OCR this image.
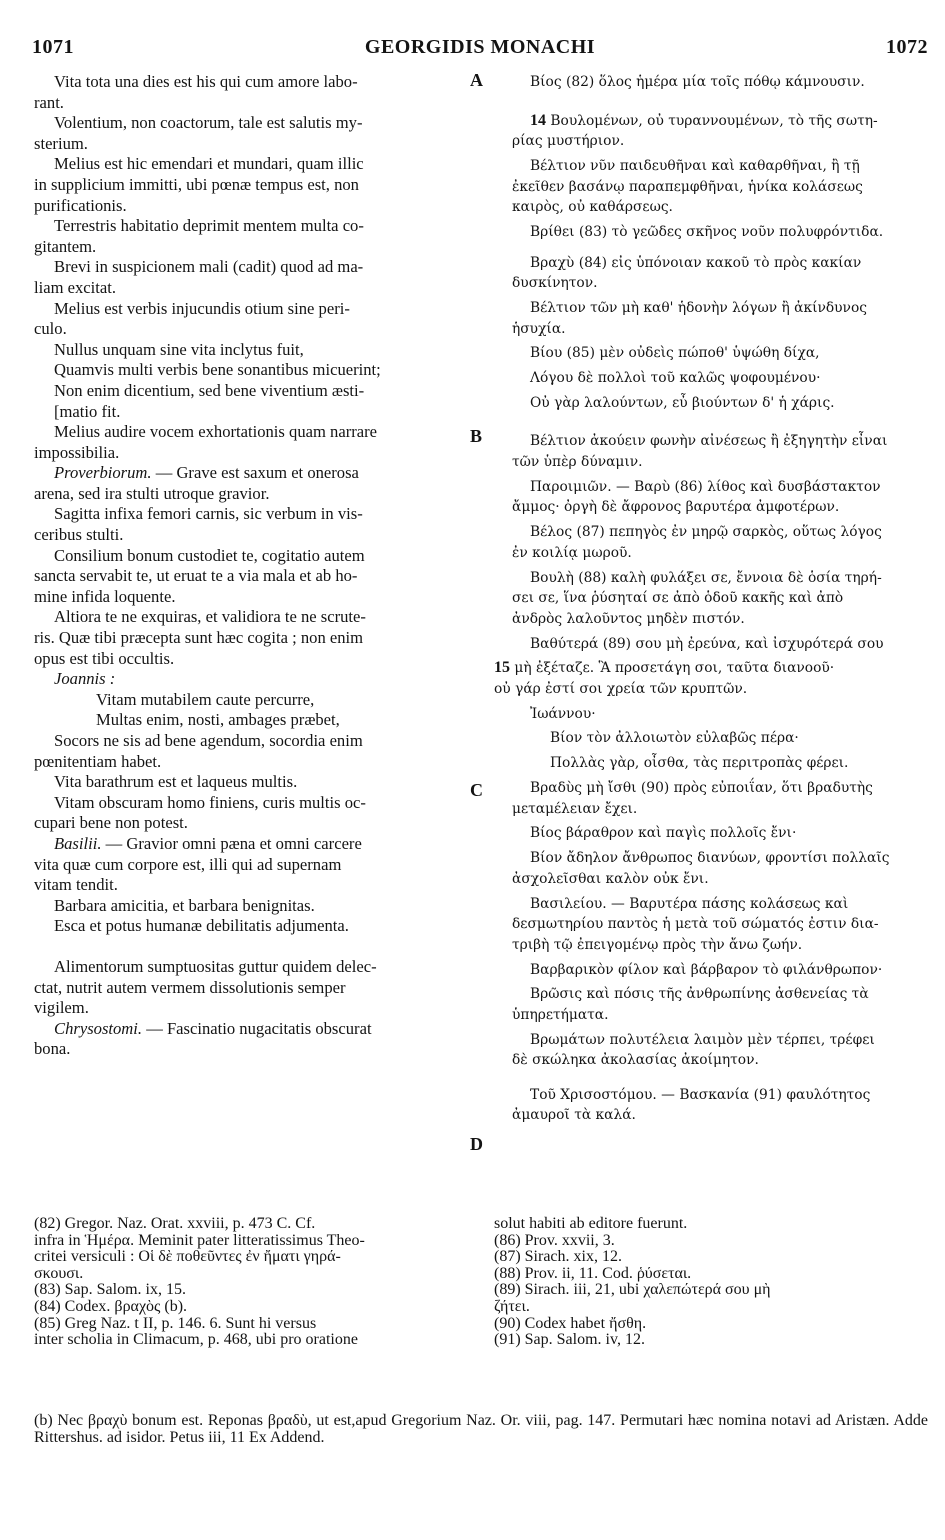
1071	GEORGIDIS MONACHI	1072
A
B
C
D
Vita tota una dies est his qui cum amore labo-
rant.
Volentium, non coactorum, tale est salutis my-
sterium.
Melius est hic emendari et mundari, quam illic
in supplicium immitti, ubi pœnæ tempus est, non
purificationis.
Terrestris habitatio deprimit mentem multa co-
gitantem.
Brevi in suspicionem mali (cadit) quod ad ma-
liam excitat.
Melius est verbis injucundis otium sine peri-
culo.
Nullus unquam sine vita inclytus fuit,
Quamvis multi verbis bene sonantibus micuerint;
Non enim dicentium, sed bene viventium æsti-
[matio fit.
Melius audire vocem exhortationis quam narrare
impossibilia.
Proverbiorum. — Grave est saxum et onerosa
arena, sed ira stulti utroque gravior.
Sagitta infixa femori carnis, sic verbum in vis-
ceribus stulti.
Consilium bonum custodiet te, cogitatio autem
sancta servabit te, ut eruat te a via mala et ab ho-
mine infida loquente.
Altiora te ne exquiras, et validiora te ne scrute-
ris. Quæ tibi præcepta sunt hæc cogita ; non enim
opus est tibi occultis.
Joannis :
Vitam mutabilem caute percurre,
Multas enim, nosti, ambages præbet,
Socors ne sis ad bene agendum, socordia enim
pœnitentiam habet.
Vita barathrum est et laqueus multis.
Vitam obscuram homo finiens, curis multis oc-
cupari bene non potest.
Basilii. — Gravior omni pæna et omni carcere
vita quæ cum corpore est, illi qui ad supernam
vitam tendit.
Barbara amicitia, et barbara benignitas.
Esca et potus humanæ debilitatis adjumenta.
Alimentorum sumptuositas guttur quidem delec-
ctat, nutrit autem vermem dissolutionis semper
vigilem.
Chrysostomi. — Fascinatio nugacitatis obscurat
bona.
Βίος (82) ὅλος ἡμέρα μία τοῖς πόθῳ κάμνουσιν.
14 Βουλομένων, οὐ τυραννουμένων, τὸ τῆς σωτη-
ρίας μυστήριον.
Βέλτιον νῦν παιδευθῆναι καὶ καθαρθῆναι, ἢ τῇ
ἐκεῖθεν βασάνῳ παραπεμφθῆναι, ἡνίκα κολάσεως
καιρὸς, οὐ καθάρσεως.
Βρίθει (83) τὸ γεῶδες σκῆνος νοῦν πολυφρόντιδα.
Βραχὺ (84) εἰς ὑπόνοιαν κακοῦ τὸ πρὸς κακίαν
δυσκίνητον.
Βέλτιον τῶν μὴ καθ' ἡδονὴν λόγων ἢ ἀκίνδυνος
ἡσυχία.
Βίου (85) μὲν οὐδεὶς πώποθ' ὑψώθη δίχα,
Λόγου δὲ πολλοὶ τοῦ καλῶς ψοφουμένου·
Οὐ γὰρ λαλούντων, εὖ βιούντων δ' ἡ χάρις.
Βέλτιον ἀκούειν φωνὴν αἰνέσεως ἢ ἐξηγητὴν εἶναι
τῶν ὑπὲρ δύναμιν.
Παροιμιῶν. — Βαρὺ (86) λίθος καὶ δυσβάστακτον
ἄμμος· ὀργὴ δὲ ἄφρονος βαρυτέρα ἀμφοτέρων.
Βέλος (87) πεπηγὸς ἐν μηρῷ σαρκὸς, οὕτως λόγος
ἐν κοιλίᾳ μωροῦ.
Βουλὴ (88) καλὴ φυλάξει σε, ἔννοια δὲ ὁσία τηρή-
σει σε, ἵνα ῥύσηταί σε ἀπὸ ὁδοῦ κακῆς καὶ ἀπὸ
ἀνδρὸς λαλοῦντος μηδὲν πιστόν.
Βαθύτερά (89) σου μὴ ἐρεύνα, καὶ ἰσχυρότερά σου
15 μὴ ἐξέταζε. Ἃ προσετάγη σοι, ταῦτα διανοοῦ·
οὐ γάρ ἐστί σοι χρεία τῶν κρυπτῶν.
Ἰωάννου·
Βίον τὸν ἀλλοιωτὸν εὐλαβῶς πέρα·
Πολλὰς γὰρ, οἶσθα, τὰς περιτροπὰς φέρει.
Βραδὺς μὴ ἴσθι (90) πρὸς εὐποιΐαν, ὅτι βραδυτὴς
μεταμέλειαν ἔχει.
Βίος βάραθρον καὶ παγὶς πολλοῖς ἔνι·
Βίον ἄδηλον ἄνθρωπος διανύων, φροντίσι πολλαῖς
ἀσχολεῖσθαι καλὸν οὐκ ἔνι.
Βασιλείου. — Βαρυτέρα πάσης κολάσεως καὶ
δεσμωτηρίου παντὸς ἡ μετὰ τοῦ σώματός ἐστιν δια-
τριβὴ τῷ ἐπειγομένῳ πρὸς τὴν ἄνω ζωήν.
Βαρβαρικὸν φίλον καὶ βάρβαρον τὸ φιλάνθρωπον·
Βρῶσις καὶ πόσις τῆς ἀνθρωπίνης ἀσθενείας τὰ
ὑπηρετήματα.
Βρωμάτων πολυτέλεια λαιμὸν μὲν τέρπει, τρέφει
δὲ σκώληκα ἀκολασίας ἀκοίμητον.
Τοῦ Χρισοστόμου. — Βασκανία (91) φαυλότητος
ἀμαυροῖ τὰ καλά.
(82) Gregor. Naz. Orat. xxviii, p. 473 C. Cf.
infra in Ἡμέρα. Meminit pater litteratissimus Theo-
critei versiculi : Οἱ δὲ ποθεῦντες ἐν ἤματι γηρά-
σκουσι.
(83) Sap. Salom. ix, 15.
(84) Codex. βραχὸς (b).
(85) Greg Naz. t II, p. 146. 6. Sunt hi versus
inter scholia in Climacum, p. 468, ubi pro oratione
solut habiti ab editore fuerunt.
(86) Prov. xxvii, 3.
(87) Sirach. xix, 12.
(88) Prov. ii, 11. Cod. ῥύσεται.
(89) Sirach. iii, 21, ubi χαλεπώτερά σου μὴ
ζήτει.
(90) Codex habet ἤσθη.
(91) Sap. Salom. iv, 12.
(b) Nec βραχὺ bonum est. Reponas βραδὺ, ut est,apud Gregorium Naz. Or. viii, pag. 147. Permutari hæc nomina notavi ad Aristæn. Adde Rittershus. ad isidor. Petus iii, 11 Ex Addend.
